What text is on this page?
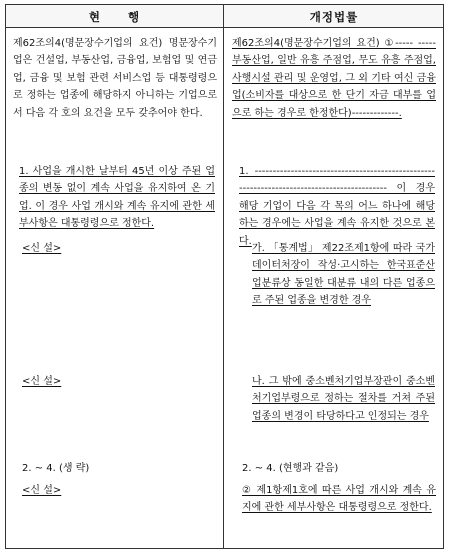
현 행	개정법률
제62조의4(명문장수기업의 요건) 명문장수기업은 건설업, 부동산업, 금융업, 보험업 및 연금업, 금융 및 보험 관련 서비스업 등 대통령령으로 정하는 업종에 해당하지 아니하는 기업으로서 다음 각 호의 요건을 모두 갖추어야 한다.
1. 사업을 개시한 날부터 45년 이상 주된 업종의 변동 없이 계속 사업을 유지하여 온 기업. 이 경우 사업 개시와 계속 유지에 관한 세부사항은 대통령령으로 정한다.
<신 설>
<신 설>
2. ~ 4. (생 략)
<신 설>
제62조의4(명문장수기업의 요건) ①----- -----부동산업, 일반 유흥 주점업, 무도 유흥 주점업, 사행시설 관리 및 운영업, 그 외 기타 여신 금융업(소비자를 대상으로 한 단기 자금 대부를 업으로 하는 경우로 한정한다)-------------.
1. ------------------------------------------------------------------------------------------- 이 경우 해당 기업이 다음 각 목의 어느 하나에 해당하는 경우에는 사업을 계속 유지한 것으로 본다.
가. 「통계법」 제22조제1항에 따라 국가데이터처장이 작성·고시하는 한국표준산업분류상 동일한 대분류 내의 다른 업종으로 주된 업종을 변경한 경우
나. 그 밖에 중소벤처기업부장관이 중소벤처기업부령으로 정하는 절차를 거쳐 주된 업종의 변경이 타당하다고 인정되는 경우
2. ~ 4. (현행과 같음)
② 제1항제1호에 따른 사업 개시와 계속 유지에 관한 세부사항은 대통령령으로 정한다.
